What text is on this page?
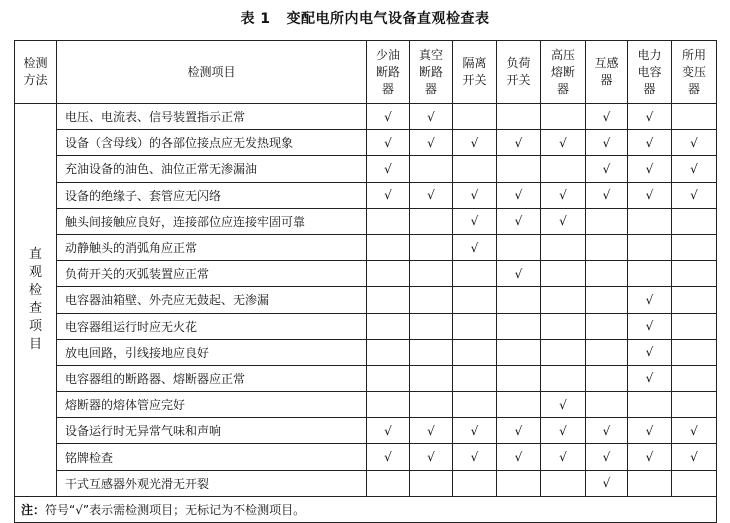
表 1 变配电所内电气设备直观检查表
检测方法	检测项目	少油断路器	真空断路器	隔离开关	负荷开关	高压熔断器	互感器	电力电容器	所用变压器
直观检查项目	电压、电流表、信号装置指示正常	√	√				√	√	
	设备（含母线）的各部位接点应无发热现象	√	√	√	√	√	√	√	√
	充油设备的油色、油位正常无渗漏油	√					√	√	√
	设备的绝缘子、套管应无闪络	√	√	√	√	√	√	√	√
	触头间接触应良好，连接部位应连接牢固可靠			√	√	√			
	动静触头的消弧角应正常			√					
	负荷开关的灭弧装置应正常				√				
	电容器油箱壁、外壳应无鼓起、无渗漏							√	
	电容器组运行时应无火花							√	
	放电回路，引线接地应良好							√	
	电容器组的断路器、熔断器应正常							√	
	熔断器的熔体管应完好					√			
	设备运行时无异常气味和声响	√	√	√	√	√	√	√	√
	铭牌检查	√	√	√	√	√	√	√	√
	干式互感器外观光滑无开裂						√		
注：符号“√”表示需检测项目；无标记为不检测项目。									
